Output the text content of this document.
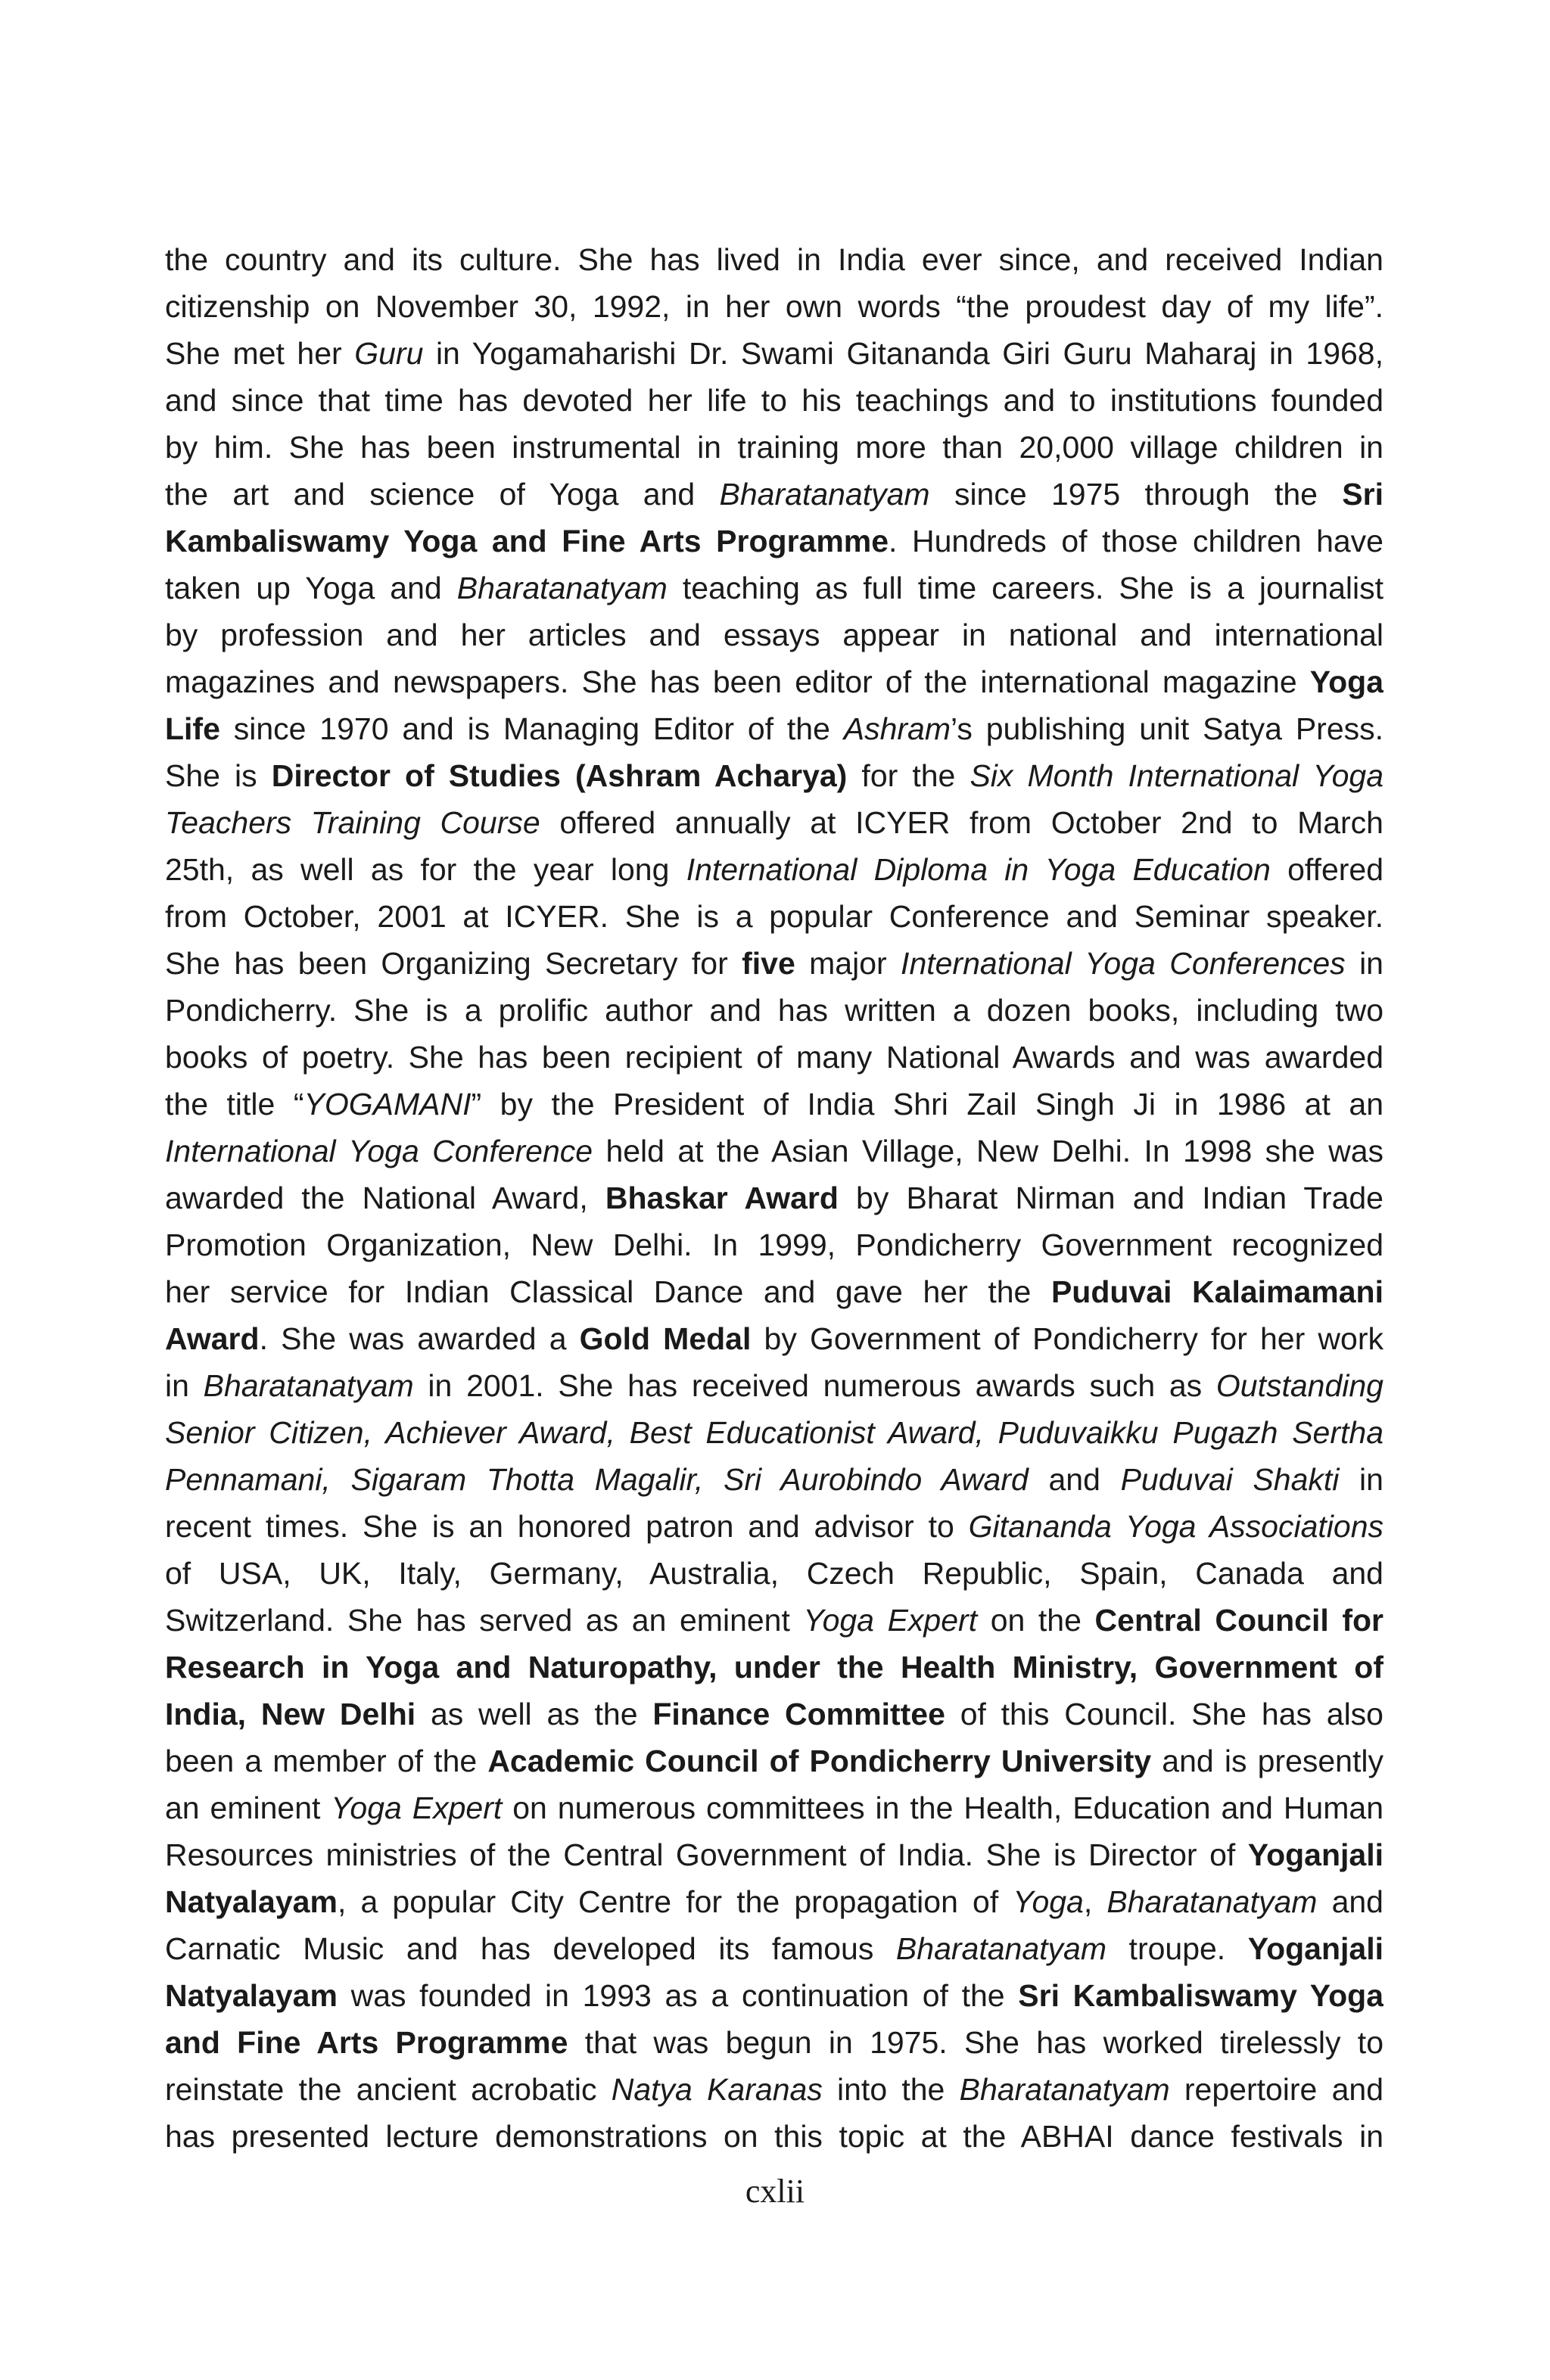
the country and its culture. She has lived in India ever since, and received Indian
citizenship on November 30, 1992, in her own words “the proudest day of my life”.
She met her Guru in Yogamaharishi Dr. Swami Gitananda Giri Guru Maharaj in 1968,
and since that time has devoted her life to his teachings and to institutions founded
by him. She has been instrumental in training more than 20,000 village children in
the art and science of Yoga and Bharatanatyam since 1975 through the Sri
Kambaliswamy Yoga and Fine Arts Programme. Hundreds of those children have
taken up Yoga and Bharatanatyam teaching as full time careers. She is a journalist
by profession and her articles and essays appear in national and international
magazines and newspapers. She has been editor of the international magazine Yoga
Life since 1970 and is Managing Editor of the Ashram’s publishing unit Satya Press.
She is Director of Studies (Ashram Acharya) for the Six Month International Yoga
Teachers Training Course offered annually at ICYER from October 2nd to March
25th, as well as for the year long International Diploma in Yoga Education offered
from October, 2001 at ICYER. She is a popular Conference and Seminar speaker.
She has been Organizing Secretary for five major International Yoga Conferences in
Pondicherry. She is a prolific author and has written a dozen books, including two
books of poetry. She has been recipient of many National Awards and was awarded
the title “YOGAMANI” by the President of India Shri Zail Singh Ji in 1986 at an
International Yoga Conference held at the Asian Village, New Delhi. In 1998 she was
awarded the National Award, Bhaskar Award by Bharat Nirman and Indian Trade
Promotion Organization, New Delhi. In 1999, Pondicherry Government recognized
her service for Indian Classical Dance and gave her the Puduvai Kalaimamani
Award. She was awarded a Gold Medal by Government of Pondicherry for her work
in Bharatanatyam in 2001. She has received numerous awards such as Outstanding
Senior Citizen, Achiever Award, Best Educationist Award, Puduvaikku Pugazh Sertha
Pennamani, Sigaram Thotta Magalir, Sri Aurobindo Award and Puduvai Shakti in
recent times. She is an honored patron and advisor to Gitananda Yoga Associations
of USA, UK, Italy, Germany, Australia, Czech Republic, Spain, Canada and
Switzerland. She has served as an eminent Yoga Expert on the Central Council for
Research in Yoga and Naturopathy, under the Health Ministry, Government of
India, New Delhi as well as the Finance Committee of this Council. She has also
been a member of the Academic Council of Pondicherry University and is presently
an eminent Yoga Expert on numerous committees in the Health, Education and Human
Resources ministries of the Central Government of India. She is Director of Yoganjali
Natyalayam, a popular City Centre for the propagation of Yoga, Bharatanatyam and
Carnatic Music and has developed its famous Bharatanatyam troupe. Yoganjali
Natyalayam was founded in 1993 as a continuation of the Sri Kambaliswamy Yoga
and Fine Arts Programme that was begun in 1975. She has worked tirelessly to
reinstate the ancient acrobatic Natya Karanas into the Bharatanatyam repertoire and
has presented lecture demonstrations on this topic at the ABHAI dance festivals in
cxlii
